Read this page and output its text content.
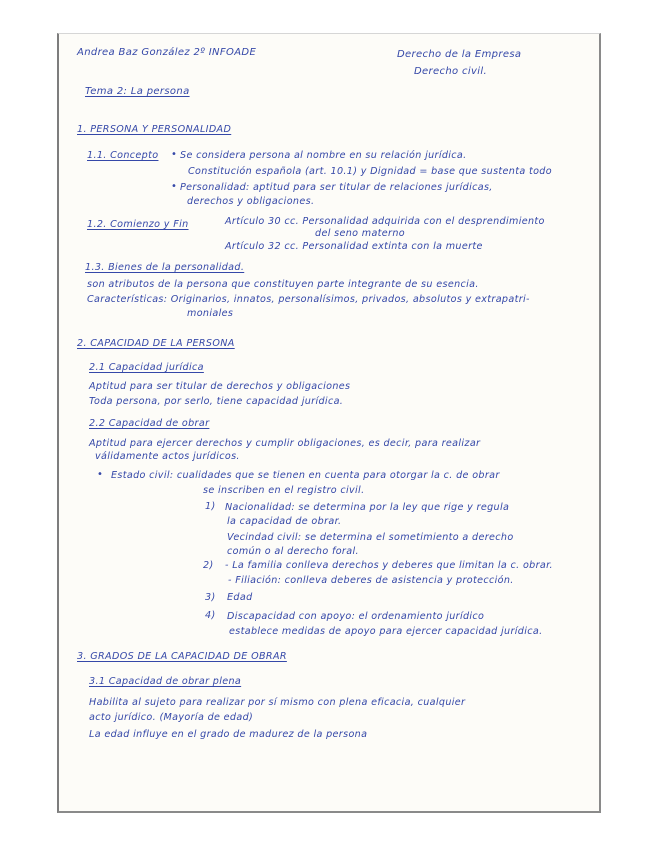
Andrea Baz González 2º INFOADE	Derecho de la Empresa
Derecho civil.
Tema 2: La persona
1. PERSONA Y PERSONALIDAD
1.1. Concepto • Se considera persona al nombre en su relación jurídica.
Constitución española (art. 10.1) y Dignidad = base que sustenta todo
• Personalidad: aptitud para ser titular de relaciones jurídicas,
derechos y obligaciones.
1.2. Comienzo y Fin	Artículo 30 cc. Personalidad adquirida con el desprendimiento
del seno materno
Artículo 32 cc. Personalidad extinta con la muerte
1.3. Bienes de la personalidad.
son atributos de la persona que constituyen parte integrante de su esencia.
Características: Originarios, innatos, personalísimos, privados, absolutos y extrapatri-
moniales
2. CAPACIDAD DE LA PERSONA
2.1 Capacidad jurídica
Aptitud para ser titular de derechos y obligaciones
Toda persona, por serlo, tiene capacidad jurídica.
2.2 Capacidad de obrar
Aptitud para ejercer derechos y cumplir obligaciones, es decir, para realizar
válidamente actos jurídicos.
• Estado civil: cualidades que se tienen en cuenta para otorgar la c. de obrar
se inscriben en el registro civil.
1) Nacionalidad: se determina por la ley que rige y regula
la capacidad de obrar.
Vecindad civil: se determina el sometimiento a derecho
común o al derecho foral.
2) - La familia conlleva derechos y deberes que limitan la c. obrar.
- Filiación: conlleva deberes de asistencia y protección.
3) Edad
4) Discapacidad con apoyo: el ordenamiento jurídico
establece medidas de apoyo para ejercer capacidad jurídica.
3. GRADOS DE LA CAPACIDAD DE OBRAR
3.1 Capacidad de obrar plena
Habilita al sujeto para realizar por sí mismo con plena eficacia, cualquier
acto jurídico. (Mayoría de edad)
La edad influye en el grado de madurez de la persona
